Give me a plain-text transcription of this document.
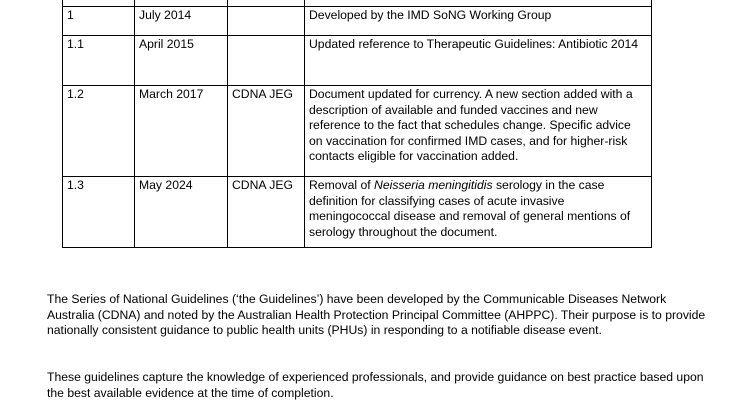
1	July 2014		Developed by the IMD SoNG Working Group
1.1	April 2015		Updated reference to Therapeutic Guidelines: Antibiotic 2014
1.2	March 2017	CDNA JEG	Document updated for currency. A new section added with a description of available and funded vaccines and new reference to the fact that schedules change. Specific advice on vaccination for confirmed IMD cases, and for higher-risk contacts eligible for vaccination added.
1.3	May 2024	CDNA JEG	Removal of Neisseria meningitidis serology in the case definition for classifying cases of acute invasive meningococcal disease and removal of general mentions of serology throughout the document.

The Series of National Guidelines (‘the Guidelines’) have been developed by the Communicable Diseases Network Australia (CDNA) and noted by the Australian Health Protection Principal Committee (AHPPC). Their purpose is to provide nationally consistent guidance to public health units (PHUs) in responding to a notifiable disease event.

These guidelines capture the knowledge of experienced professionals, and provide guidance on best practice based upon the best available evidence at the time of completion.
